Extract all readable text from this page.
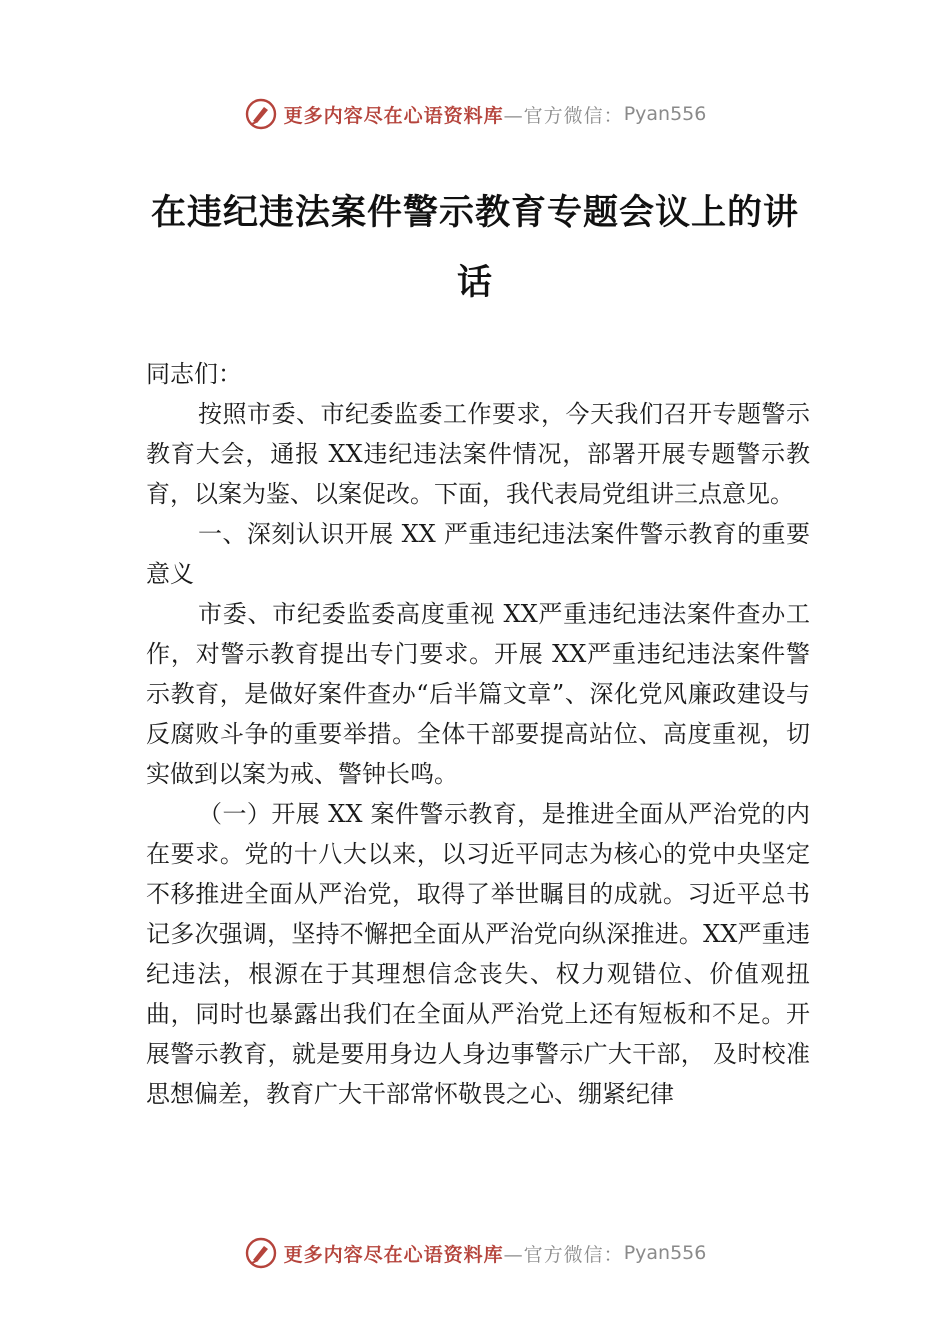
更多内容尽在心语资料库 —官方微信： Pyan556
在违纪违法案件警示教育专题会议上的讲话

同志们：

按照市委、市纪委监委工作要求，今天我们召开专题警示教育大会，通报 XX违纪违法案件情况，部署开展专题警示教育，以案为鉴、以案促改。下面，我代表局党组讲三点意见。

一、深刻认识开展 XX 严重违纪违法案件警示教育的重要意义

市委、市纪委监委高度重视 XX严重违纪违法案件查办工作，对警示教育提出专门要求。开展 XX严重违纪违法案件警示教育，是做好案件查办“后半篇文章”、深化党风廉政建设与反腐败斗争的重要举措。全体干部要提高站位、高度重视，切实做到以案为戒、警钟长鸣。

（一）开展 XX 案件警示教育，是推进全面从严治党的内在要求。党的十八大以来，以习近平同志为核心的党中央坚定不移推进全面从严治党，取得了举世瞩目的成就。习近平总书记多次强调，坚持不懈把全面从严治党向纵深推进。XX严重违纪违法，根源在于其理想信念丧失、权力观错位、价值观扭曲，同时也暴露出我们在全面从严治党上还有短板和不足。开展警示教育，就是要用身边人身边事警示广大干部， 及时校准思想偏差，教育广大干部常怀敬畏之心、绷紧纪律

更多内容尽在心语资料库 —官方微信： Pyan556
